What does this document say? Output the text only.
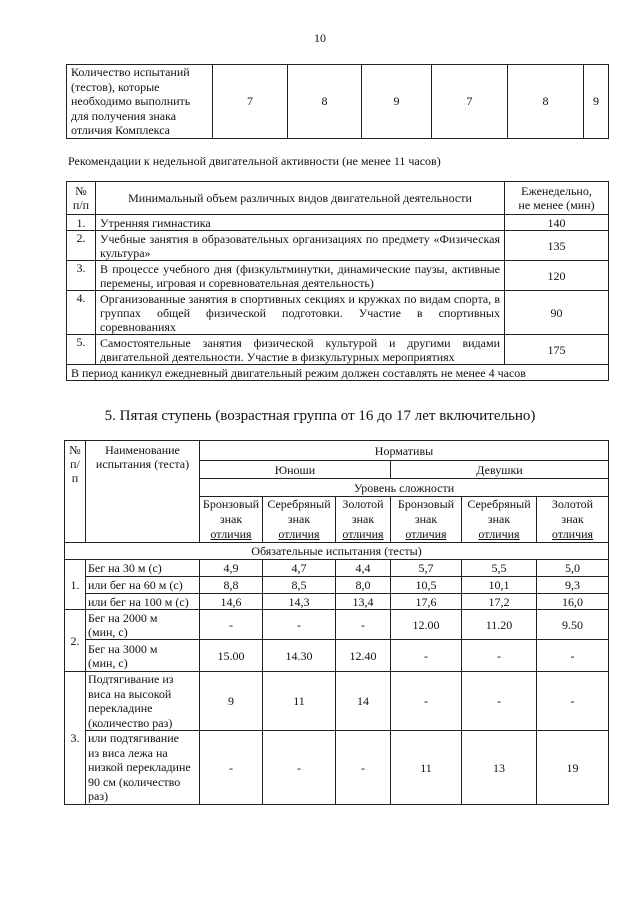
10
Количество испытаний
(тестов), которые
необходимо выполнить
для получения знака
отличия Комплекса	7	8	9	7	8	9
Рекомендации к недельной двигательной активности (не менее 11 часов)
№
п/п	Минимальный объем различных видов двигательной деятельности	Еженедельно,
не менее (мин)
1.	Утренняя гимнастика	140
2.	Учебные занятия в образовательных организациях по предмету «Физическая культура»	135
3.	В процессе учебного дня (физкультминутки, динамические паузы, активные перемены, игровая и соревновательная деятельность)	120
4.	Организованные занятия в спортивных секциях и кружках по видам спорта, в группах общей физической подготовки. Участие в спортивных соревнованиях	90
5.	Самостоятельные занятия физической культурой и другими видами двигательной деятельности. Участие в физкультурных мероприятиях	175
В период каникул ежедневный двигательный режим должен составлять не менее 4 часов		
5. Пятая ступень (возрастная группа от 16 до 17 лет включительно)
№
п/п	Наименование
испытания (теста)	Нормативы					
		Юноши			Девушки		
		Уровень сложности					
		Бронзовый
знак
отличия	Серебряный
знак
отличия	Золотой
знак
отличия	Бронзовый
знак
отличия	Серебряный
знак
отличия	Золотой
знак
отличия
Обязательные испытания (тесты)							
1.	Бег на 30 м (с)	4,9	4,7	4,4	5,7	5,5	5,0
	или бег на 60 м (с)	8,8	8,5	8,0	10,5	10,1	9,3
	или бег на 100 м (с)	14,6	14,3	13,4	17,6	17,2	16,0
2.	Бег на 2000 м
(мин, с)	-	-	-	12.00	11.20	9.50
	Бег на 3000 м
(мин, с)	15.00	14.30	12.40	-	-	-
3.	Подтягивание из
виса на высокой
перекладине
(количество раз)	9	11	14	-	-	-
	или подтягивание
из виса лежа на
низкой перекладине
90 см (количество
раз)	-	-	-	11	13	19
